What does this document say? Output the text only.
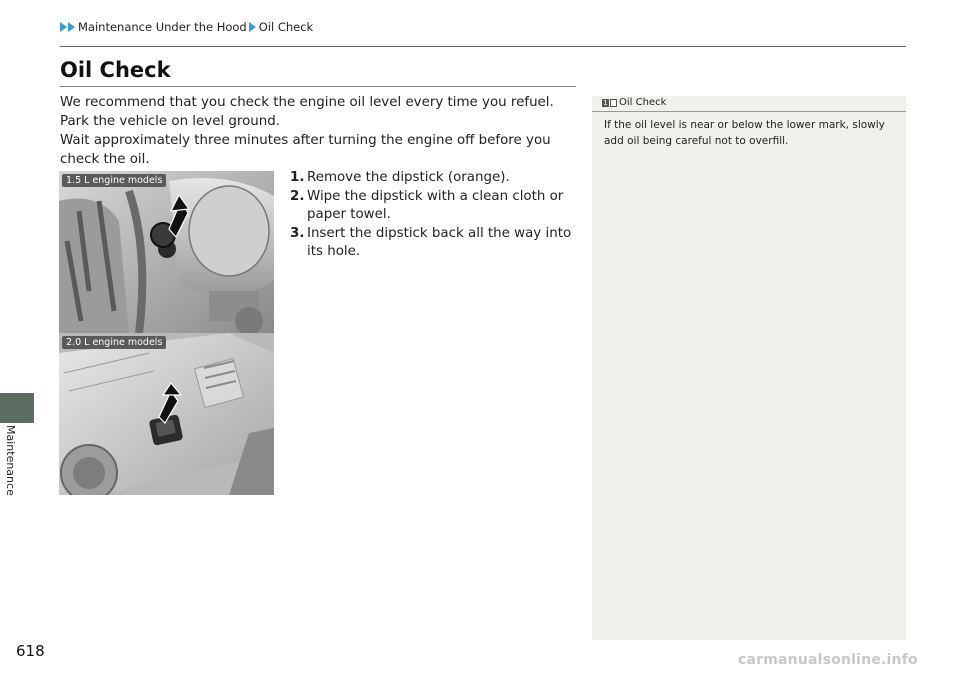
Maintenance Under the Hood Oil Check
Maintenance
Oil Check

We recommend that you check the engine oil level every time you refuel.

Park the vehicle on level ground.

Wait approximately three minutes after turning the engine off before you check the oil.

1. Remove the dipstick (orange).
2. Wipe the dipstick with a clean cloth or paper towel.
3. Insert the dipstick back all the way into its hole.
1.5 L engine models
2.0 L engine models
1 Oil Check
If the oil level is near or below the lower mark, slowly add oil being careful not to overfill.
618	carmanualsonline.info
